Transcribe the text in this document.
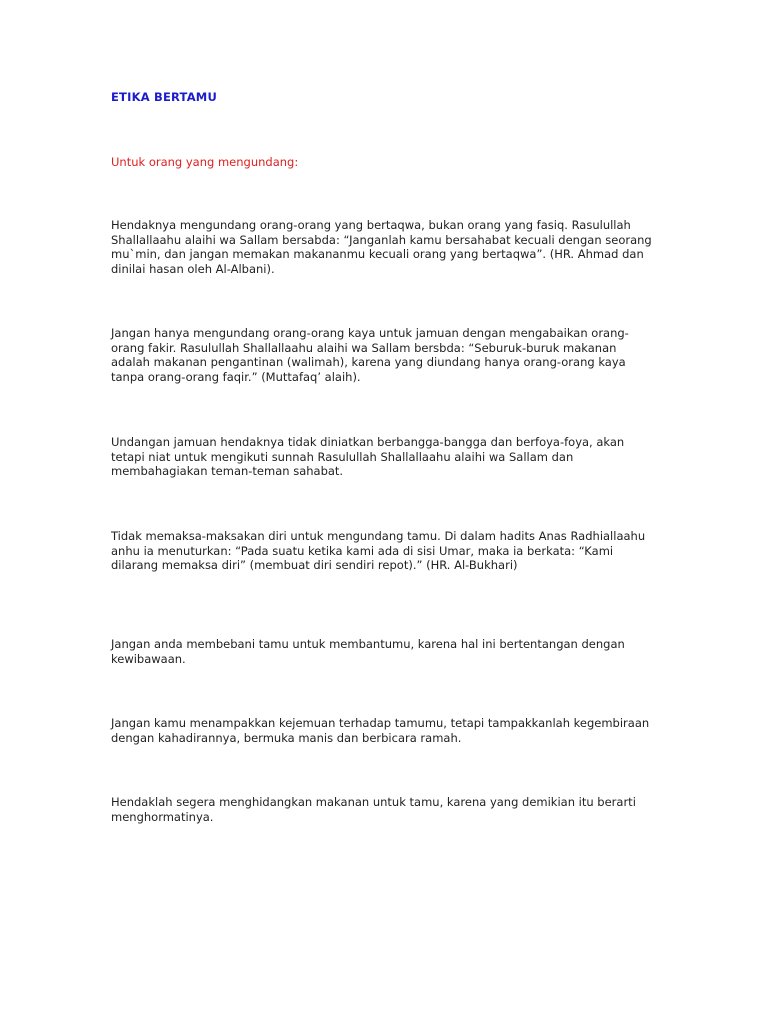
ETIKA BERTAMU

Untuk orang yang mengundang:

Hendaknya mengundang orang-orang yang bertaqwa, bukan orang yang fasiq. Rasulullah Shallallaahu alaihi wa Sallam bersabda: “Janganlah kamu bersahabat kecuali dengan seorang mu`min, dan jangan memakan makananmu kecuali orang yang bertaqwa”. (HR. Ahmad dan dinilai hasan oleh Al-Albani).

Jangan hanya mengundang orang-orang kaya untuk jamuan dengan mengabaikan orang-orang fakir. Rasulullah Shallallaahu alaihi wa Sallam bersbda: “Seburuk-buruk makanan adalah makanan pengantinan (walimah), karena yang diundang hanya orang-orang kaya tanpa orang-orang faqir.” (Muttafaq’ alaih).

Undangan jamuan hendaknya tidak diniatkan berbangga-bangga dan berfoya-foya, akan tetapi niat untuk mengikuti sunnah Rasulullah Shallallaahu alaihi wa Sallam dan membahagiakan teman-teman sahabat.

Tidak memaksa-maksakan diri untuk mengundang tamu. Di dalam hadits Anas Radhiallaahu anhu ia menuturkan: “Pada suatu ketika kami ada di sisi Umar, maka ia berkata: “Kami dilarang memaksa diri” (membuat diri sendiri repot).” (HR. Al-Bukhari)

Jangan anda membebani tamu untuk membantumu, karena hal ini bertentangan dengan kewibawaan.

Jangan kamu menampakkan kejemuan terhadap tamumu, tetapi tampakkanlah kegembiraan dengan kahadirannya, bermuka manis dan berbicara ramah.

Hendaklah segera menghidangkan makanan untuk tamu, karena yang demikian itu berarti menghormatinya.
